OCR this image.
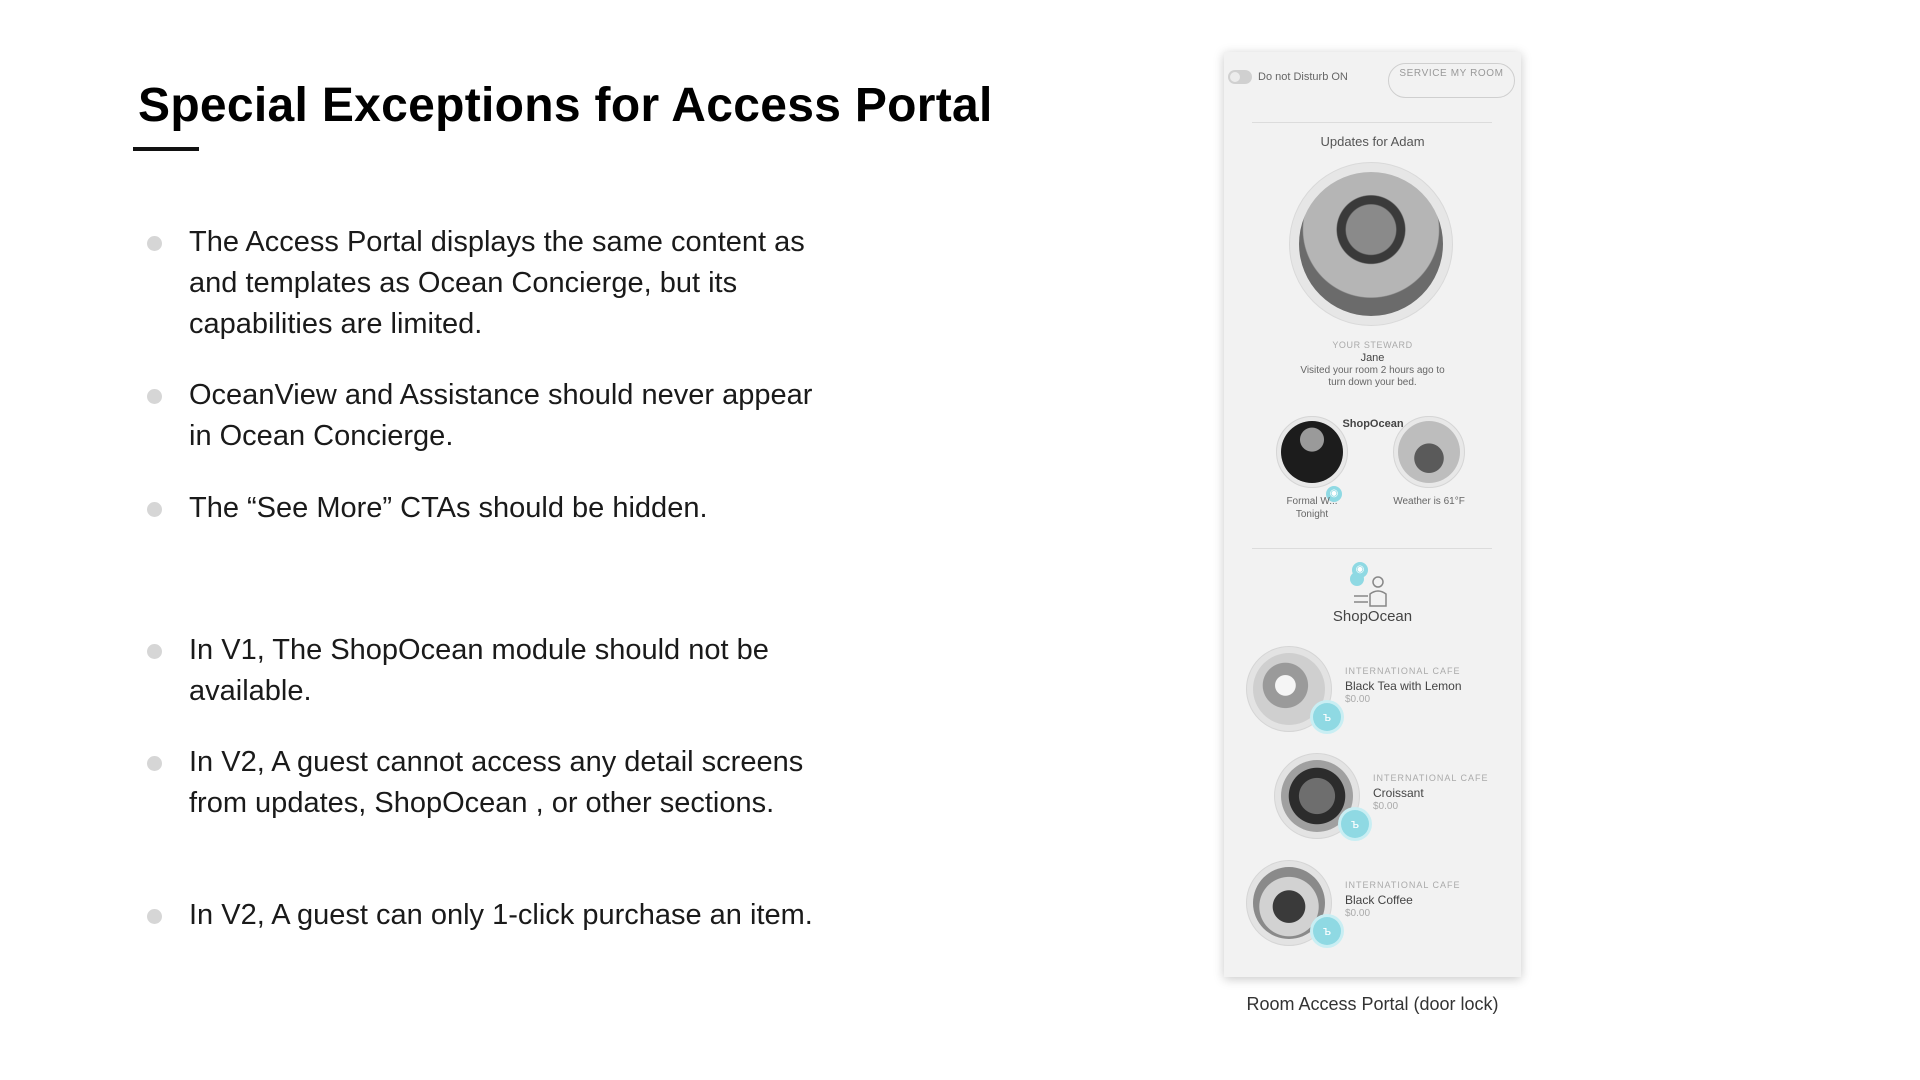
Special Exceptions for Access Portal
The Access Portal displays the same content as and templates as Ocean Concierge, but its capabilities are limited.
OceanView and Assistance should never appear in Ocean Concierge.
The “See More” CTAs should be hidden.
In V1, The ShopOcean module should not be available.
In V2, A guest cannot access any detail screens from updates, ShopOcean , or other sections.
In V2, A guest can only 1-click purchase an item.
Do not Disturb ON	SERVICE MY ROOM
Updates for Adam
YOUR STEWARD
Jane
Visited your room 2 hours ago to turn down your bed.
ShopOcean
◉
Formal W... Tonight
Weather is 61°F
ShopOcean
◉
ъ
INTERNATIONAL CAFE
Black Tea with Lemon
$0.00
ъ
INTERNATIONAL CAFE
Croissant
$0.00
ъ
INTERNATIONAL CAFE
Black Coffee
$0.00
Room Access Portal (door lock)
